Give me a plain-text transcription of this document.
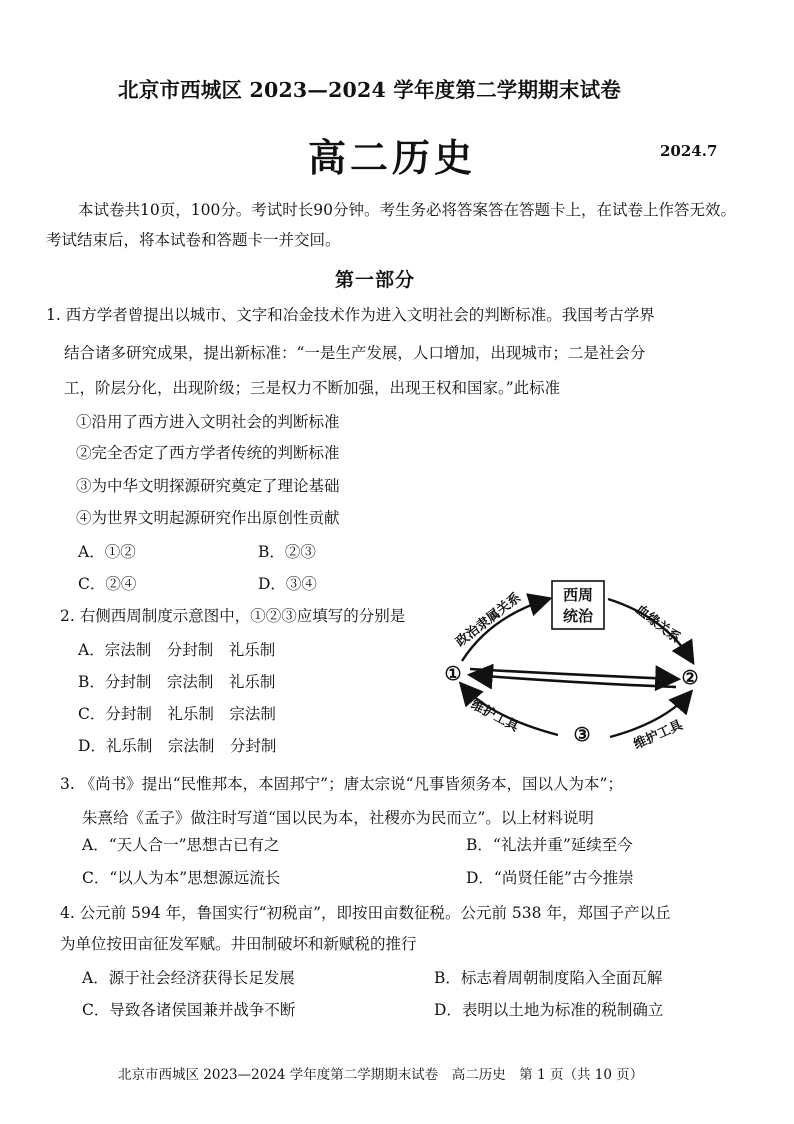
北京市西城区 2023—2024 学年度第二学期期末试卷
高二历史	2024.7
本试卷共10页，100分。考试时长90分钟。考生务必将答案答在答题卡上，在试卷上作答无效。考试结束后，将本试卷和答题卡一并交回。
第一部分
1. 西方学者曾提出以城市、文字和冶金技术作为进入文明社会的判断标准。我国考古学界
结合诸多研究成果，提出新标准：“一是生产发展，人口增加，出现城市；二是社会分
工，阶层分化，出现阶级；三是权力不断加强，出现王权和国家。”此标准
①沿用了西方进入文明社会的判断标准
②完全否定了西方学者传统的判断标准
③为中华文明探源研究奠定了理论基础
④为世界文明起源研究作出原创性贡献
A．①②	B．②③
C．②④	D．③④
2. 右侧西周制度示意图中，①②③应填写的分别是
A．宗法制　分封制　礼乐制
B．分封制　宗法制　礼乐制
C．分封制　礼乐制　宗法制
D．礼乐制　宗法制　分封制
西周
统治
政治隶属关系	血缘关系
①	②
③
维护工具
维护工具
3. 《尚书》提出“民惟邦本，本固邦宁”；唐太宗说“凡事皆须务本，国以人为本”；
朱熹给《孟子》做注时写道“国以民为本，社稷亦为民而立”。以上材料说明
A．“天人合一”思想古已有之	B．“礼法并重”延续至今
C．“以人为本”思想源远流长	D．“尚贤任能”古今推崇
4. 公元前 594 年，鲁国实行“初税亩”，即按田亩数征税。公元前 538 年，郑国子产以丘
为单位按田亩征发军赋。井田制破坏和新赋税的推行
A．源于社会经济获得长足发展	B．标志着周朝制度陷入全面瓦解
C．导致各诸侯国兼并战争不断	D．表明以土地为标准的税制确立
北京市西城区 2023—2024 学年度第二学期期末试卷　高二历史　第 1 页（共 10 页）
